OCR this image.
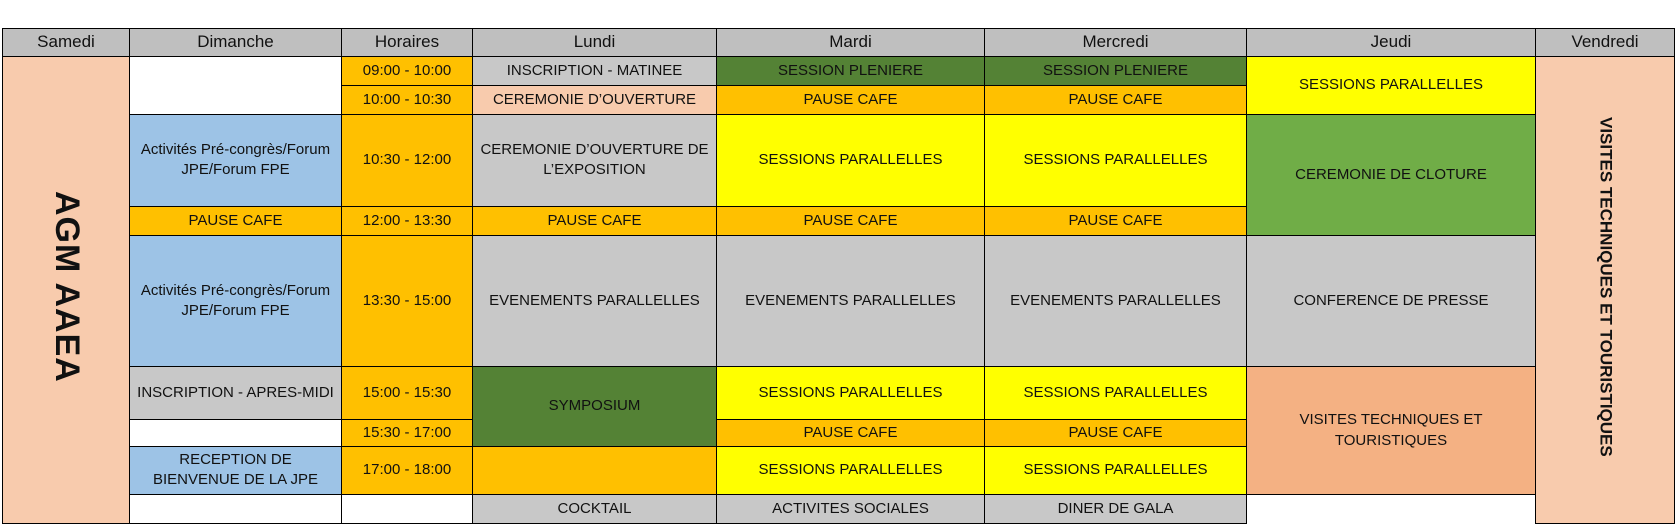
Samedi	Dimanche	Horaires	Lundi	Mardi	Mercredi	Jeudi	Vendredi
AGM AAEA		09:00 - 10:00	INSCRIPTION - MATINEE	SESSION PLENIERE	SESSION PLENIERE	SESSIONS PARALLELLES	VISITES TECHNIQUES ET TOURISTIQUES
		10:00 - 10:30	CEREMONIE D’OUVERTURE	PAUSE CAFE	PAUSE CAFE		
	Activités Pré-congrès/Forum JPE/Forum FPE	10:30 - 12:00	CEREMONIE D’OUVERTURE DE L’EXPOSITION	SESSIONS PARALLELLES	SESSIONS PARALLELLES	CEREMONIE DE CLOTURE	
	PAUSE CAFE	12:00 - 13:30	PAUSE CAFE	PAUSE CAFE	PAUSE CAFE		
	Activités Pré-congrès/Forum JPE/Forum FPE	13:30 - 15:00	EVENEMENTS PARALLELLES	EVENEMENTS PARALLELLES	EVENEMENTS PARALLELLES	CONFERENCE DE PRESSE	
	INSCRIPTION - APRES-MIDI	15:00 - 15:30	SYMPOSIUM	SESSIONS PARALLELLES	SESSIONS PARALLELLES	VISITES TECHNIQUES ET TOURISTIQUES	

		15:30 - 17:00		PAUSE CAFE	PAUSE CAFE		
	RECEPTION DE BIENVENUE DE LA JPE	17:00 - 18:00		SESSIONS PARALLELLES	SESSIONS PARALLELLES		

			COCKTAIL	ACTIVITES SOCIALES	DINER DE GALA		
